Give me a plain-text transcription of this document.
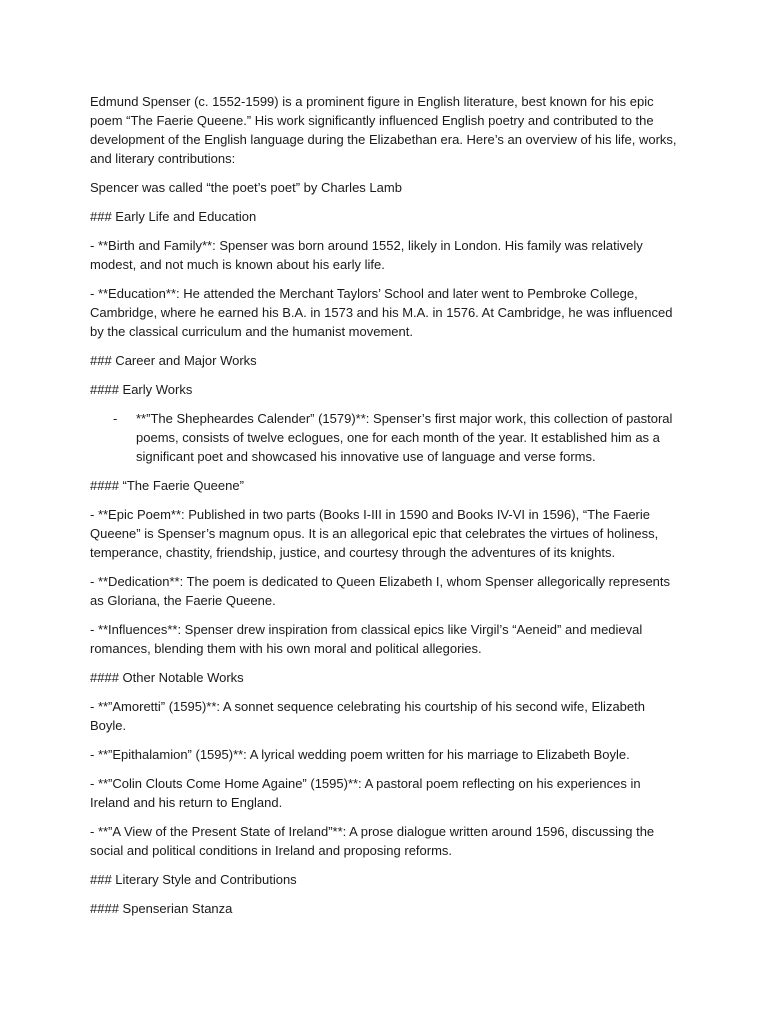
Edmund Spenser (c. 1552-1599) is a prominent figure in English literature, best known for his epic poem “The Faerie Queene.” His work significantly influenced English poetry and contributed to the development of the English language during the Elizabethan era. Here’s an overview of his life, works, and literary contributions:

Spencer was called “the poet’s poet” by Charles Lamb

### Early Life and Education

- **Birth and Family**: Spenser was born around 1552, likely in London. His family was relatively modest, and not much is known about his early life.

- **Education**: He attended the Merchant Taylors’ School and later went to Pembroke College, Cambridge, where he earned his B.A. in 1573 and his M.A. in 1576. At Cambridge, he was influenced by the classical curriculum and the humanist movement.

### Career and Major Works

#### Early Works

- **”The Shepheardes Calender” (1579)**: Spenser’s first major work, this collection of pastoral poems, consists of twelve eclogues, one for each month of the year. It established him as a significant poet and showcased his innovative use of language and verse forms.

#### “The Faerie Queene”

- **Epic Poem**: Published in two parts (Books I-III in 1590 and Books IV-VI in 1596), “The Faerie Queene” is Spenser’s magnum opus. It is an allegorical epic that celebrates the virtues of holiness, temperance, chastity, friendship, justice, and courtesy through the adventures of its knights.

- **Dedication**: The poem is dedicated to Queen Elizabeth I, whom Spenser allegorically represents as Gloriana, the Faerie Queene.

- **Influences**: Spenser drew inspiration from classical epics like Virgil’s “Aeneid” and medieval romances, blending them with his own moral and political allegories.

#### Other Notable Works

- **”Amoretti” (1595)**: A sonnet sequence celebrating his courtship of his second wife, Elizabeth Boyle.

- **”Epithalamion” (1595)**: A lyrical wedding poem written for his marriage to Elizabeth Boyle.

- **”Colin Clouts Come Home Againe” (1595)**: A pastoral poem reflecting on his experiences in Ireland and his return to England.

- **”A View of the Present State of Ireland”**: A prose dialogue written around 1596, discussing the social and political conditions in Ireland and proposing reforms.

### Literary Style and Contributions

#### Spenserian Stanza
